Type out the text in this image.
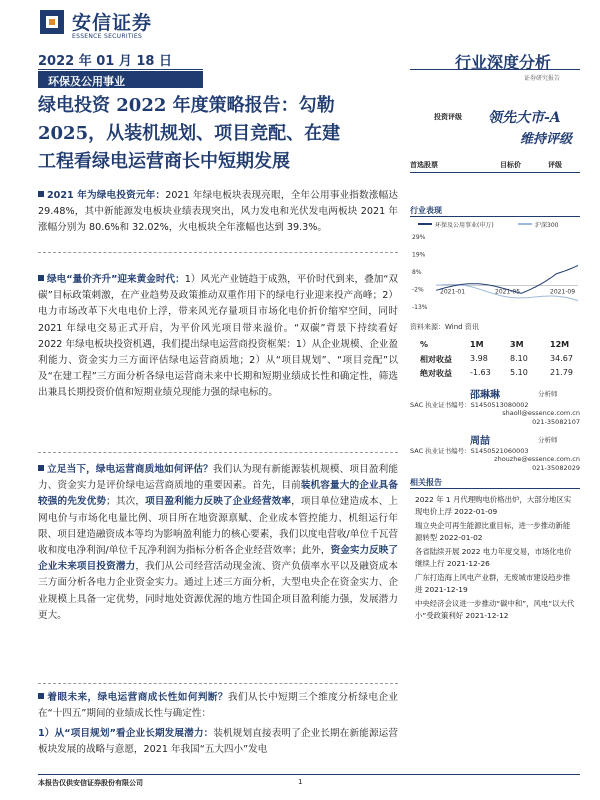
安信证券
ESSENCE SECURITIES
2022 年 01 月 18 日
环保及公用事业
行业深度分析
证券研究报告
绿电投资 2022 年度策略报告：勾勒
2025，从装机规划、项目竞配、在建
工程看绿电运营商长中短期发展
投资评级 领先大市-A
维持评级
首选股票	目标价	评级
2021 年为绿电投资元年：2021 年绿电板块表现亮眼，全年公用事业指数涨幅达 29.48%，其中新能源发电板块业绩表现突出，风力发电和光伏发电两板块 2021 年涨幅分别为 80.6%和 32.02%，火电板块全年涨幅也达到 39.3%。
绿电“量价齐升”迎来黄金时代：1）风光产业链趋于成熟，平价时代到来，叠加“双碳”目标政策刺激，在产业趋势及政策推动双重作用下的绿电行业迎来投产高峰；2）电力市场改革下火电电价上浮，带来风光存量项目市场化电价折价缩窄空间，同时 2021 年绿电交易正式开启，为平价风光项目带来溢价。“双碳”背景下持续看好 2022 年绿电板块投资机遇，我们提出绿电运营商投资框架：1）从企业规模、企业盈利能力、资金实力三方面评估绿电运营商质地；2）从“项目规划”、“项目竞配”以及“在建工程”三方面分析各绿电运营商未来中长期和短期业绩成长性和确定性，筛选出兼具长期投资价值和短期业绩兑现能力强的绿电标的。
立足当下，绿电运营商质地如何评估？我们认为现有新能源装机规模、项目盈利能力、资金实力是评价绿电运营商质地的重要因素。首先，目前装机容量大的企业具备较强的先发优势；其次，项目盈利能力反映了企业经营效率，项目单位建造成本、上网电价与市场化电量比例、项目所在地资源禀赋、企业成本管控能力、机组运行年限、项目建造融资成本等均为影响盈利能力的核心要素，我们以度电营收/单位千瓦营收和度电净利润/单位千瓦净利润为指标分析各企业经营效率；此外，资金实力反映了企业未来项目投资潜力，我们从公司经营活动现金流、资产负债率水平以及融资成本三方面分析各电力企业资金实力。通过上述三方面分析，大型电央企在资金实力、企业规模上具备一定优势，同时地处资源优渥的地方性国企项目盈利能力强，发展潜力更大。
着眼未来，绿电运营商成长性如何判断？我们从长中短期三个维度分析绿电企业在“十四五”期间的业绩成长性与确定性：
1）从“项目规划”看企业长期发展潜力：装机规划直接表明了企业长期在新能源运营板块发展的战略与意愿，2021 年我国“五大四小”发电
行业表现
环保及公用事业(申万)	沪深300
29%
19%
8%
-2%
-13%
2021-01	2021-05	2021-09
资料来源：Wind 资讯
%	1M	3M	12M
相对收益 3.98	8.10	34.67
绝对收益 -1.63 5.10	21.79
邵琳琳	分析师
SAC 执业证书编号：S1450513080002
shaoll@essence.com.cn
021-35082107
周喆	分析师
SAC 执业证书编号：S1450521060003
zhouzhe@essence.com.cn
021-35082029
相关报告
2022 年 1 月代理购电价格出炉，大部分地区实现电价上浮 2022-01-09
瑞立央企可再生能源比重目标，进一步推动新能源转型 2022-01-02
各省陆续开展 2022 电力年度交易，市场化电价继续上行 2021-12-26
广东打造海上风电产业群，无废城市建设趋步推进 2021-12-19
中央经济会议进一步推动“碳中和”，风电“以大代小”受政策利好 2021-12-12
本报告仅供安信证券股份有限公司	1
